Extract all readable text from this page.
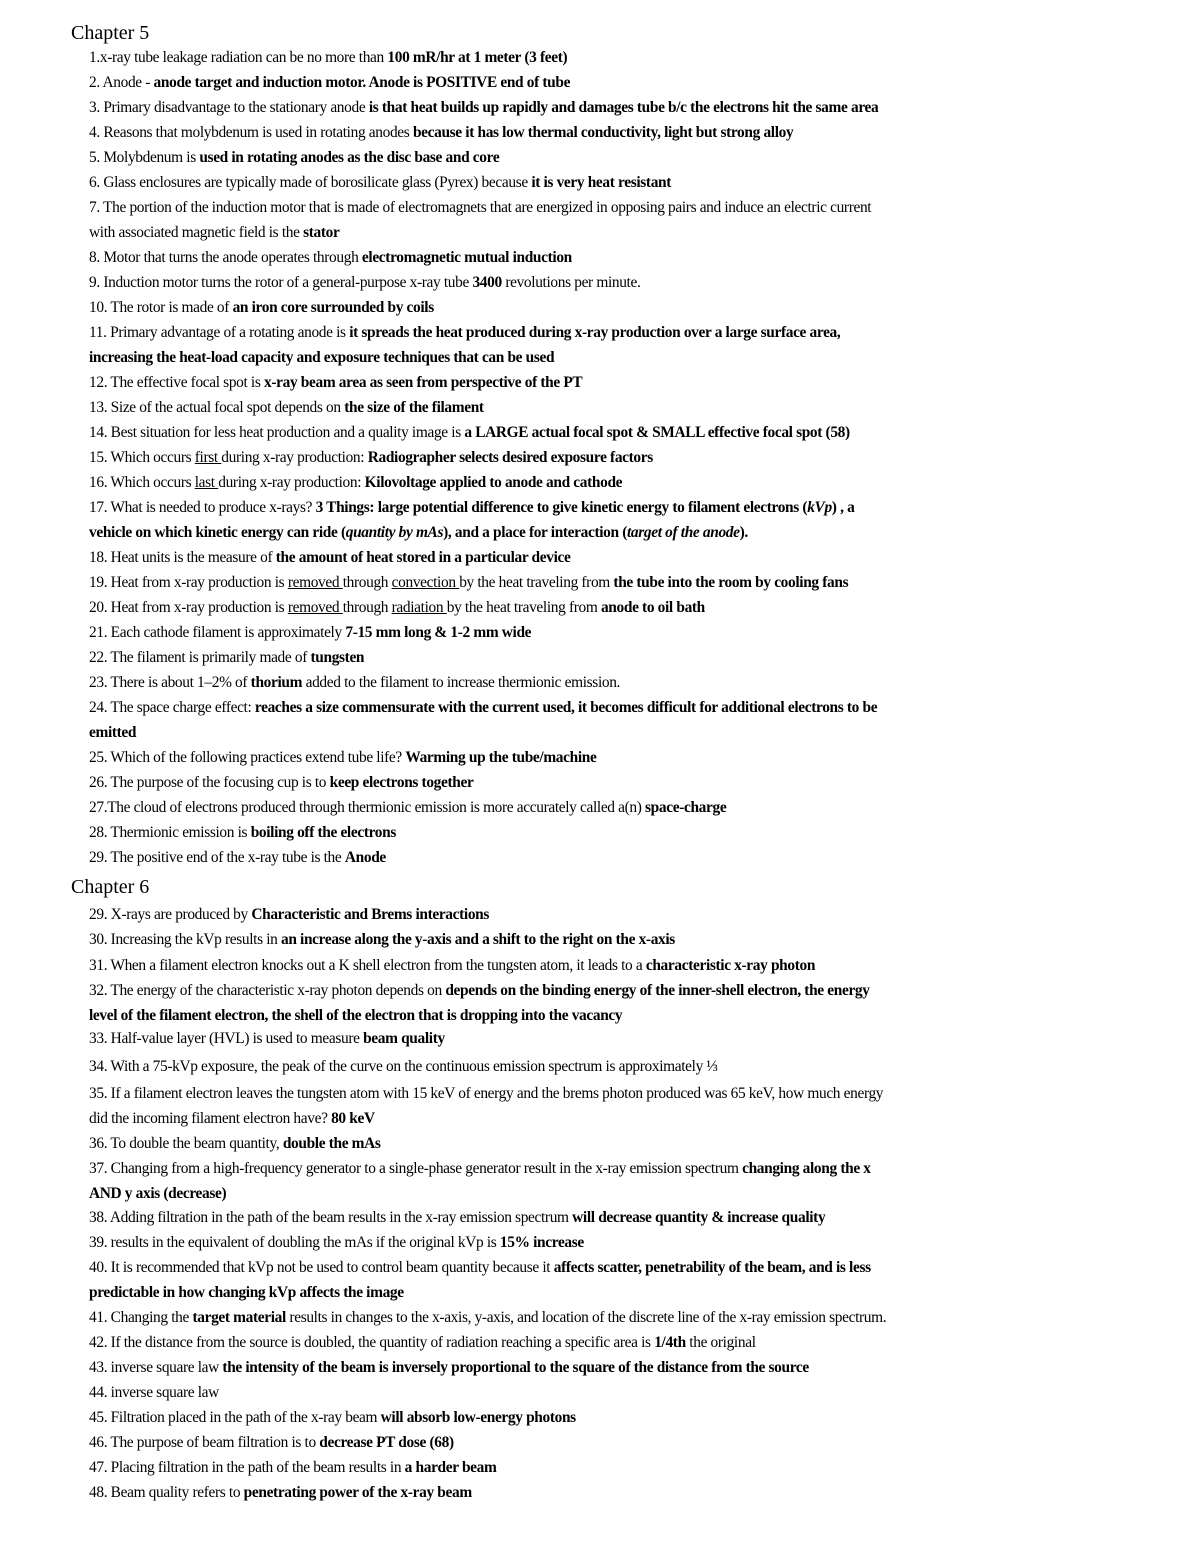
Chapter 5
1.x-ray tube leakage radiation can be no more than 100 mR/hr at 1 meter (3 feet)
2. Anode - anode target and induction motor. Anode is POSITIVE end of tube
3. Primary disadvantage to the stationary anode is that heat builds up rapidly and damages tube b/c the electrons hit the same area
4. Reasons that molybdenum is used in rotating anodes because it has low thermal conductivity, light but strong alloy
5. Molybdenum is used in rotating anodes as the disc base and core
6. Glass enclosures are typically made of borosilicate glass (Pyrex) because it is very heat resistant
7. The portion of the induction motor that is made of electromagnets that are energized in opposing pairs and induce an electric current
with associated magnetic field is the stator
8. Motor that turns the anode operates through electromagnetic mutual induction
9. Induction motor turns the rotor of a general-purpose x-ray tube 3400 revolutions per minute.
10. The rotor is made of an iron core surrounded by coils
11. Primary advantage of a rotating anode is it spreads the heat produced during x-ray production over a large surface area,
increasing the heat-load capacity and exposure techniques that can be used
12. The effective focal spot is x-ray beam area as seen from perspective of the PT
13. Size of the actual focal spot depends on the size of the filament
14. Best situation for less heat production and a quality image is a LARGE actual focal spot & SMALL effective focal spot (58)
15. Which occurs first during x-ray production: Radiographer selects desired exposure factors
16. Which occurs last during x-ray production: Kilovoltage applied to anode and cathode
17. What is needed to produce x-rays? 3 Things: large potential difference to give kinetic energy to filament electrons (kVp) , a
vehicle on which kinetic energy can ride (quantity by mAs), and a place for interaction (target of the anode).
18. Heat units is the measure of the amount of heat stored in a particular device
19. Heat from x-ray production is removed through convection by the heat traveling from the tube into the room by cooling fans
20. Heat from x-ray production is removed through radiation by the heat traveling from anode to oil bath
21. Each cathode filament is approximately 7-15 mm long & 1-2 mm wide
22. The filament is primarily made of tungsten
23. There is about 1–2% of thorium added to the filament to increase thermionic emission.
24. The space charge effect: reaches a size commensurate with the current used, it becomes difficult for additional electrons to be
emitted
25. Which of the following practices extend tube life? Warming up the tube/machine
26. The purpose of the focusing cup is to keep electrons together
27.The cloud of electrons produced through thermionic emission is more accurately called a(n) space-charge
28. Thermionic emission is boiling off the electrons
29. The positive end of the x-ray tube is the Anode
Chapter 6
29. X-rays are produced by Characteristic and Brems interactions
30. Increasing the kVp results in an increase along the y-axis and a shift to the right on the x-axis
31. When a filament electron knocks out a K shell electron from the tungsten atom, it leads to a characteristic x-ray photon
32. The energy of the characteristic x-ray photon depends on depends on the binding energy of the inner-shell electron, the energy
level of the filament electron, the shell of the electron that is dropping into the vacancy
33. Half-value layer (HVL) is used to measure beam quality
34. With a 75-kVp exposure, the peak of the curve on the continuous emission spectrum is approximately ⅓
35. If a filament electron leaves the tungsten atom with 15 keV of energy and the brems photon produced was 65 keV, how much energy
did the incoming filament electron have? 80 keV
36. To double the beam quantity, double the mAs
37. Changing from a high-frequency generator to a single-phase generator result in the x-ray emission spectrum changing along the x
AND y axis (decrease)
38. Adding filtration in the path of the beam results in the x-ray emission spectrum will decrease quantity & increase quality
39. results in the equivalent of doubling the mAs if the original kVp is 15% increase
40. It is recommended that kVp not be used to control beam quantity because it affects scatter, penetrability of the beam, and is less
predictable in how changing kVp affects the image
41. Changing the target material results in changes to the x-axis, y-axis, and location of the discrete line of the x-ray emission spectrum.
42. If the distance from the source is doubled, the quantity of radiation reaching a specific area is 1/4th the original
43. inverse square law the intensity of the beam is inversely proportional to the square of the distance from the source
44. inverse square law
45. Filtration placed in the path of the x-ray beam will absorb low-energy photons
46. The purpose of beam filtration is to decrease PT dose (68)
47. Placing filtration in the path of the beam results in a harder beam
48. Beam quality refers to penetrating power of the x-ray beam
